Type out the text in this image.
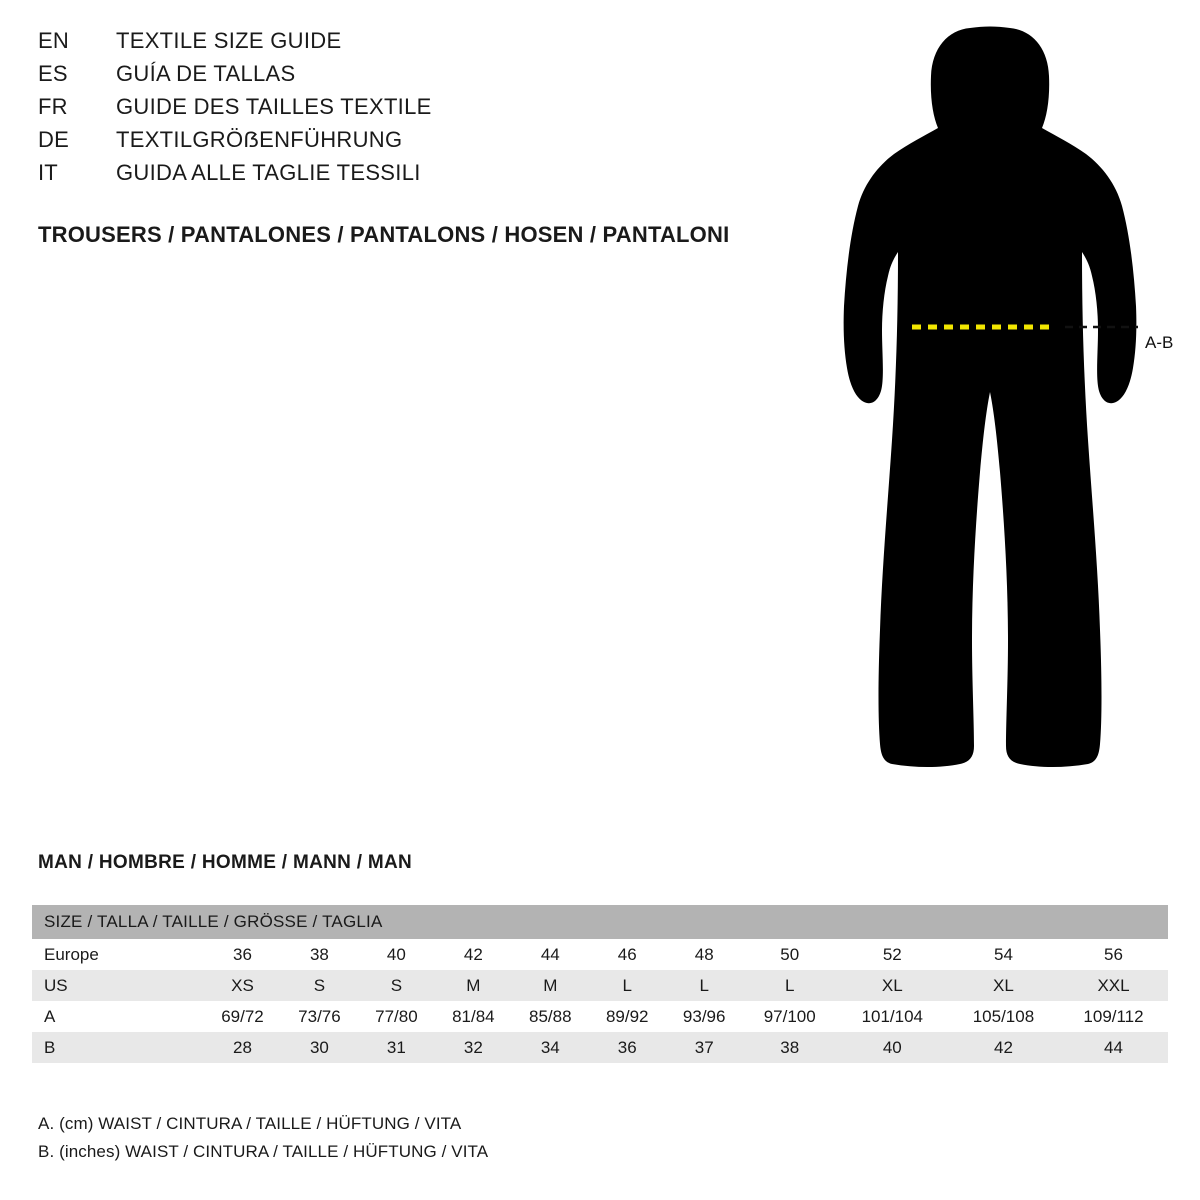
EN	TEXTILE SIZE GUIDE
ES	GUÍA DE TALLAS
FR	GUIDE DES TAILLES TEXTILE
DE	TEXTILGRÖẞENFÜHRUNG
IT	GUIDA ALLE TAGLIE TESSILI
TROUSERS / PANTALONES / PANTALONS / HOSEN / PANTALONI
A-B
MAN / HOMBRE / HOMME / MANN / MAN
SIZE / TALLA / TAILLE / GRÖSSE / TAGLIA											
Europe	36	38	40	42	44	46	48	50	52	54	56
US	XS	S	S	M	M	L	L	L	XL	XL	XXL
A	69/72	73/76	77/80	81/84	85/88	89/92	93/96	97/100	101/104	105/108	109/112
B	28	30	31	32	34	36	37	38	40	42	44
A. (cm) WAIST / CINTURA / TAILLE / HÜFTUNG / VITA
B. (inches) WAIST / CINTURA / TAILLE / HÜFTUNG / VITA
